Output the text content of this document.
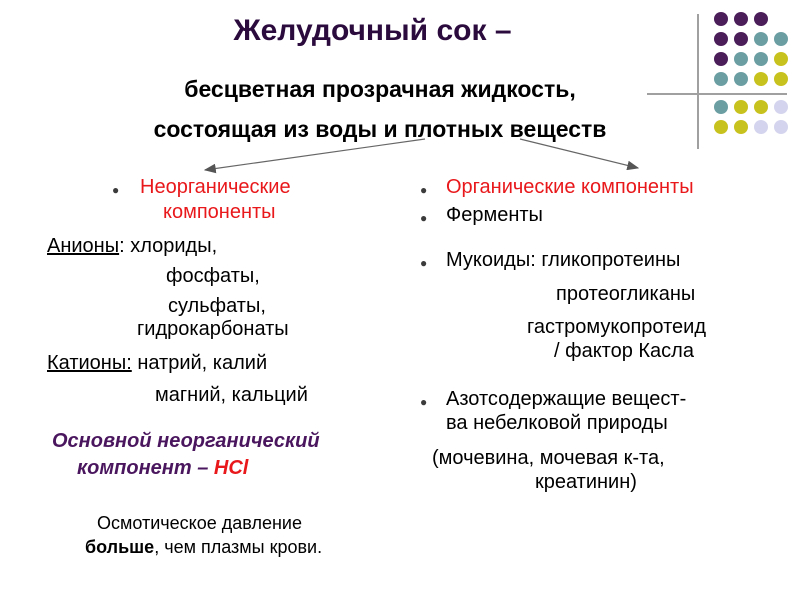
Желудочный сок –
бесцветная прозрачная жидкость,
состоящая из воды и плотных веществ
● Неорганические
компоненты
Анионы: хлориды,
фосфаты,
сульфаты,
гидрокарбонаты
Катионы: натрий, калий
магний, кальций
Основной неорганический
компонент – HCl
Осмотическое давление
больше, чем плазмы крови.
● Органические компоненты
● Ферменты
● Мукоиды: гликопротеины
протеогликаны
гастромукопротеид
/ фактор Касла
● Азотсодержащие вещест-
ва небелковой природы
(мочевина, мочевая к-та,
креатинин)
